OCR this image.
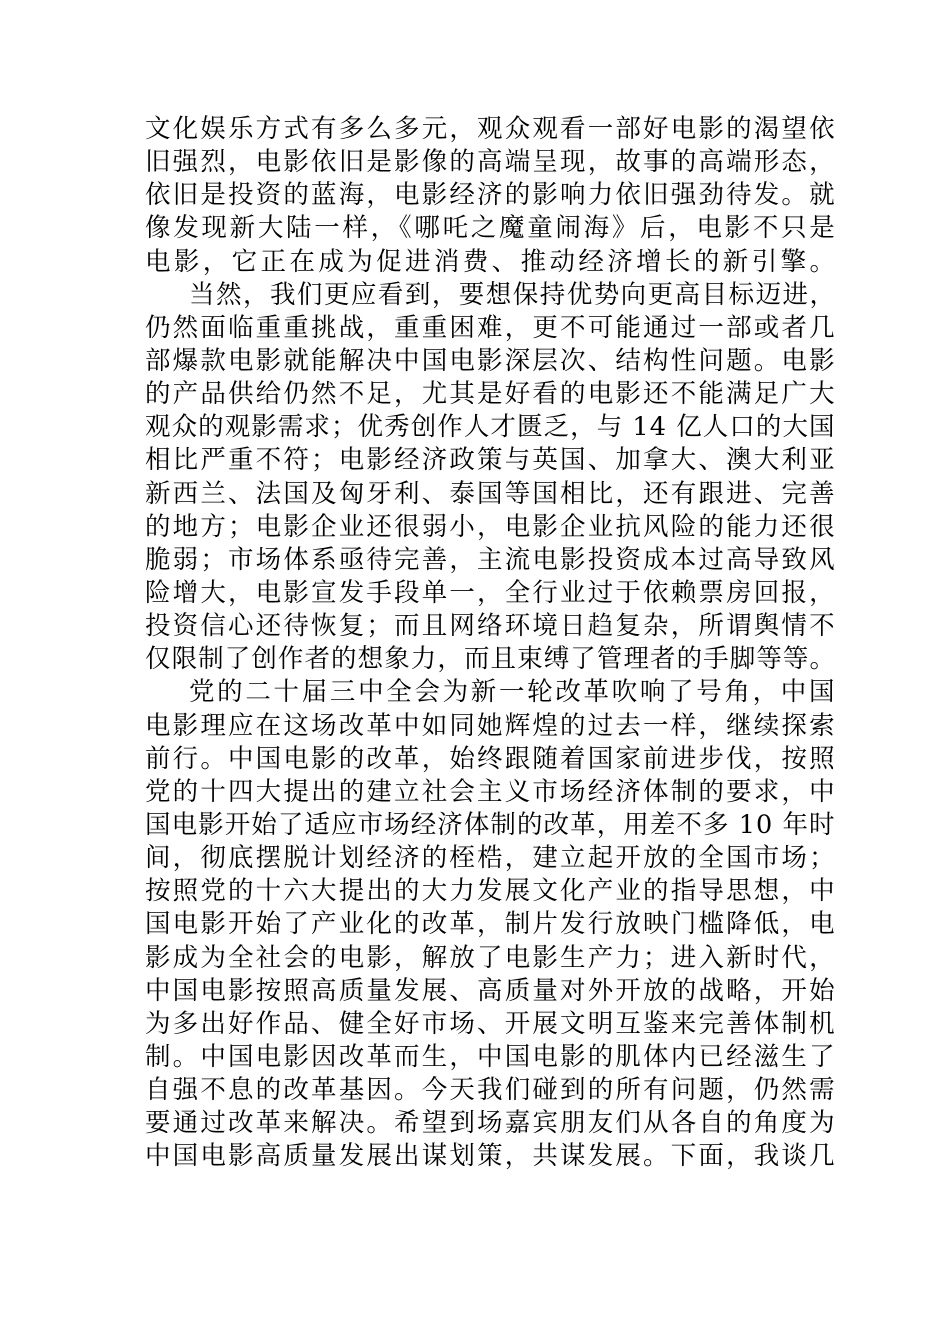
文化娱乐方式有多么多元，观众观看一部好电影的渴望依
旧强烈，电影依旧是影像的高端呈现，故事的高端形态，
依旧是投资的蓝海，电影经济的影响力依旧强劲待发。就
像发现新大陆一样，《哪吒之魔童闹海》后，电影不只是
电影，它正在成为促进消费、推动经济增长的新引擎。
当然，我们更应看到，要想保持优势向更高目标迈进，
仍然面临重重挑战，重重困难，更不可能通过一部或者几
部爆款电影就能解决中国电影深层次、结构性问题。电影
的产品供给仍然不足，尤其是好看的电影还不能满足广大
观众的观影需求；优秀创作人才匮乏，与 14 亿人口的大国
相比严重不符；电影经济政策与英国、加拿大、澳大利亚
新西兰、法国及匈牙利、泰国等国相比，还有跟进、完善
的地方；电影企业还很弱小，电影企业抗风险的能力还很
脆弱；市场体系亟待完善，主流电影投资成本过高导致风
险增大，电影宣发手段单一，全行业过于依赖票房回报，
投资信心还待恢复；而且网络环境日趋复杂，所谓舆情不
仅限制了创作者的想象力，而且束缚了管理者的手脚等等。
党的二十届三中全会为新一轮改革吹响了号角，中国
电影理应在这场改革中如同她辉煌的过去一样，继续探索
前行。中国电影的改革，始终跟随着国家前进步伐，按照
党的十四大提出的建立社会主义市场经济体制的要求，中
国电影开始了适应市场经济体制的改革，用差不多 10 年时
间，彻底摆脱计划经济的桎梏，建立起开放的全国市场；
按照党的十六大提出的大力发展文化产业的指导思想，中
国电影开始了产业化的改革，制片发行放映门槛降低，电
影成为全社会的电影，解放了电影生产力；进入新时代，
中国电影按照高质量发展、高质量对外开放的战略，开始
为多出好作品、健全好市场、开展文明互鉴来完善体制机
制。中国电影因改革而生，中国电影的肌体内已经滋生了
自强不息的改革基因。今天我们碰到的所有问题，仍然需
要通过改革来解决。希望到场嘉宾朋友们从各自的角度为
中国电影高质量发展出谋划策，共谋发展。下面，我谈几
